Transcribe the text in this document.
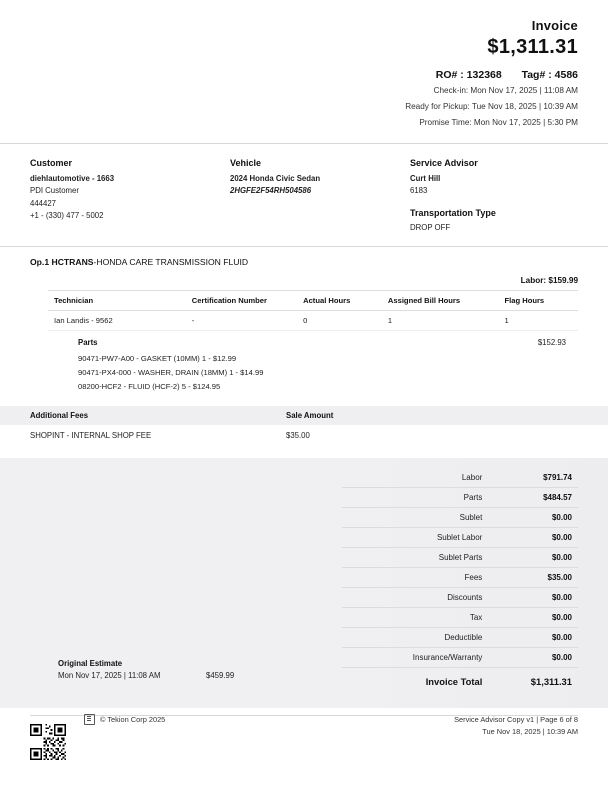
Invoice
$1,311.31
RO# : 132368 Tag# : 4586
Check-in: Mon Nov 17, 2025 | 11:08 AM
Ready for Pickup: Tue Nov 18, 2025 | 10:39 AM
Promise Time: Mon Nov 17, 2025 | 5:30 PM
Customer
diehlautomotive - 1663
PDI Customer
444427
+1 - (330) 477 - 5002
Vehicle
2024 Honda Civic Sedan
2HGFE2F54RH504586
Service Advisor
Curt Hill
6183
Transportation Type
DROP OFF
Op.1 HCTRANS-HONDA CARE TRANSMISSION FLUID
Labor: $159.99
Technician	Certification Number	Actual Hours	Assigned Bill Hours	Flag Hours
Ian Landis - 9562	-	0	1	1
Parts	$152.93
90471-PW7-A00 - GASKET (10MM) 1 - $12.99
90471-PX4-000 - WASHER, DRAIN (18MM) 1 - $14.99
08200-HCF2 - FLUID (HCF-2) 5 - $124.95
Additional Fees	Sale Amount
SHOPINT - INTERNAL SHOP FEE	$35.00
Labor	$791.74
Parts	$484.57
Sublet	$0.00
Sublet Labor	$0.00
Sublet Parts	$0.00
Fees	$35.00
Discounts	$0.00
Tax	$0.00
Deductible	$0.00
Insurance/Warranty	$0.00
Invoice Total	$1,311.31
Original Estimate
Mon Nov 17, 2025 | 11:08 AM	$459.99
© Tekion Corp 2025	Service Advisor Copy v1 | Page 6 of 8
Tue Nov 18, 2025 | 10:39 AM
